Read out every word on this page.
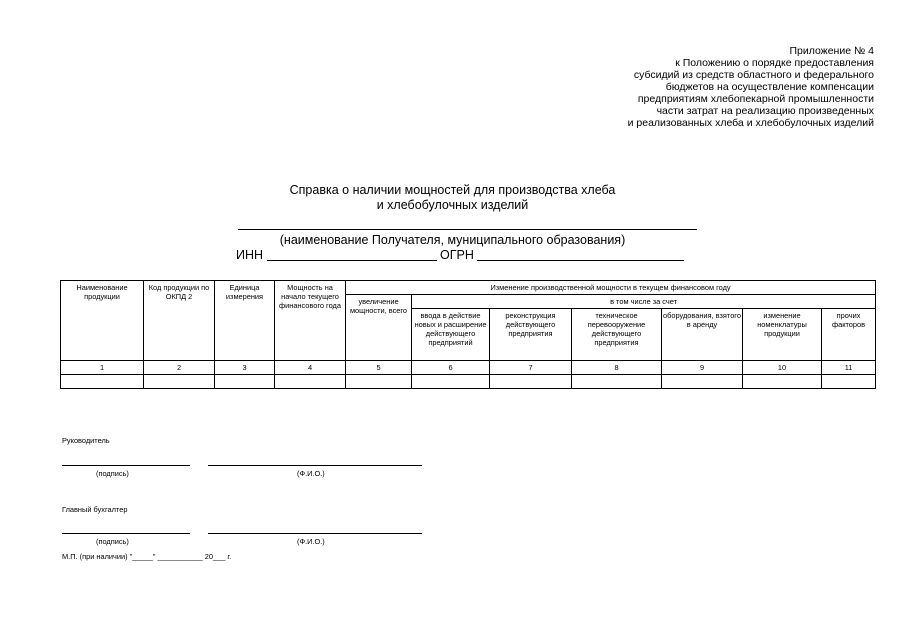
Приложение № 4
к Положению о порядке предоставления
субсидий из средств областного и федерального
бюджетов на осуществление компенсации
предприятиям хлебопекарной промышленности
части затрат на реализацию произведенных
и реализованных хлеба и хлебобулочных изделий
Справка о наличии мощностей для производства хлеба
и хлебобулочных изделий
(наименование Получателя, муниципального образования)
ИНН	ОГРН
Наименование продукции	Код продукции по ОКПД 2	Единица измерения	Мощность на начало текущего финансового года	Изменение производственной мощности в текущем финансовом году						
				увеличение мощности, всего	в том числе за счет					
					ввода в действие новых и расширение действующего предприятий	реконструкция действующего предприятия	техническое перевооружение действующего предприятия	оборудования, взятого в аренду	изменение номенклатуры продукции	прочих факторов
1	2	3	4	5	6	7	8	9	10	11

Руководитель
(подпись)	(Ф.И.О.)
Главный бухгалтер
(подпись)	(Ф.И.О.)
М.П. (при наличии) "_____" ___________ 20___ г.
